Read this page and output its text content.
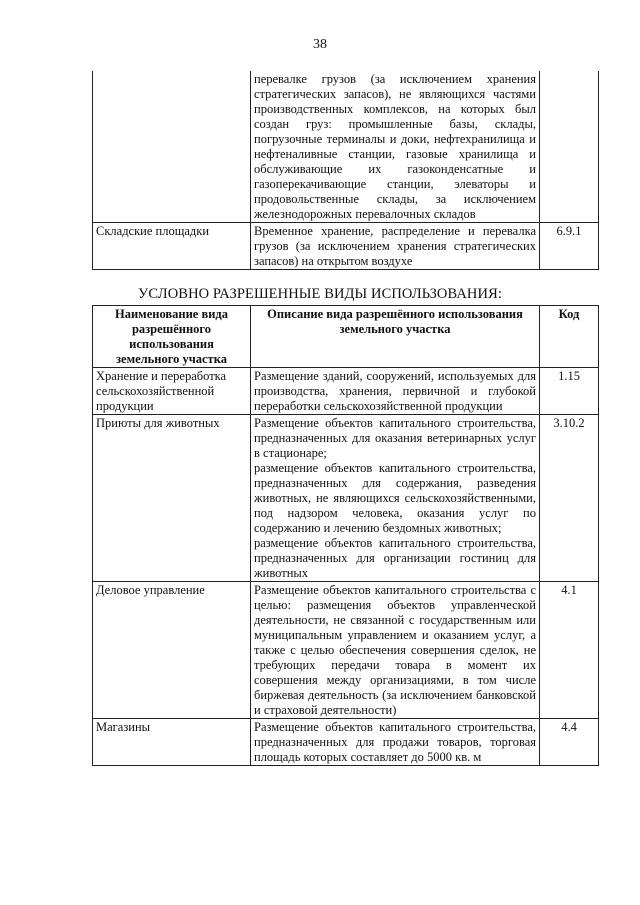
38
	перевалке грузов (за исключением хранения стратегических запасов), не являющихся частями производственных комплексов, на которых был создан груз: промышленные базы, склады, погрузочные терминалы и доки, нефтехранилища и нефтеналивные станции, газовые хранилища и обслуживающие их газоконденсатные и газоперекачивающие станции, элеваторы и продовольственные склады, за исключением железнодорожных перевалочных складов	
Складские площадки	Временное хранение, распределение и перевалка грузов (за исключением хранения стратегических запасов) на открытом воздухе	6.9.1
УСЛОВНО РАЗРЕШЕННЫЕ ВИДЫ ИСПОЛЬЗОВАНИЯ:
Наименование вида разрешённого использования земельного участка	Описание вида разрешённого использования земельного участка	Код
Хранение и переработка сельскохозяйственной продукции	Размещение зданий, сооружений, используемых для производства, хранения, первичной и глубокой переработки сельскохозяйственной продукции	1.15
Приюты для животных	Размещение объектов капитального строительства, предназначенных для оказания ветеринарных услуг в стационаре;
размещение объектов капитального строительства, предназначенных для содержания, разведения животных, не являющихся сельскохозяйственными, под надзором человека, оказания услуг по содержанию и лечению бездомных животных;
размещение объектов капитального строительства, предназначенных для организации гостиниц для животных	3.10.2
Деловое управление	Размещение объектов капитального строительства с целью: размещения объектов управленческой деятельности, не связанной с государственным или муниципальным управлением и оказанием услуг, а также с целью обеспечения совершения сделок, не требующих передачи товара в момент их совершения между организациями, в том числе биржевая деятельность (за исключением банковской и страховой деятельности)	4.1
Магазины	Размещение объектов капитального строительства, предназначенных для продажи товаров, торговая площадь которых составляет до 5000 кв. м	4.4
